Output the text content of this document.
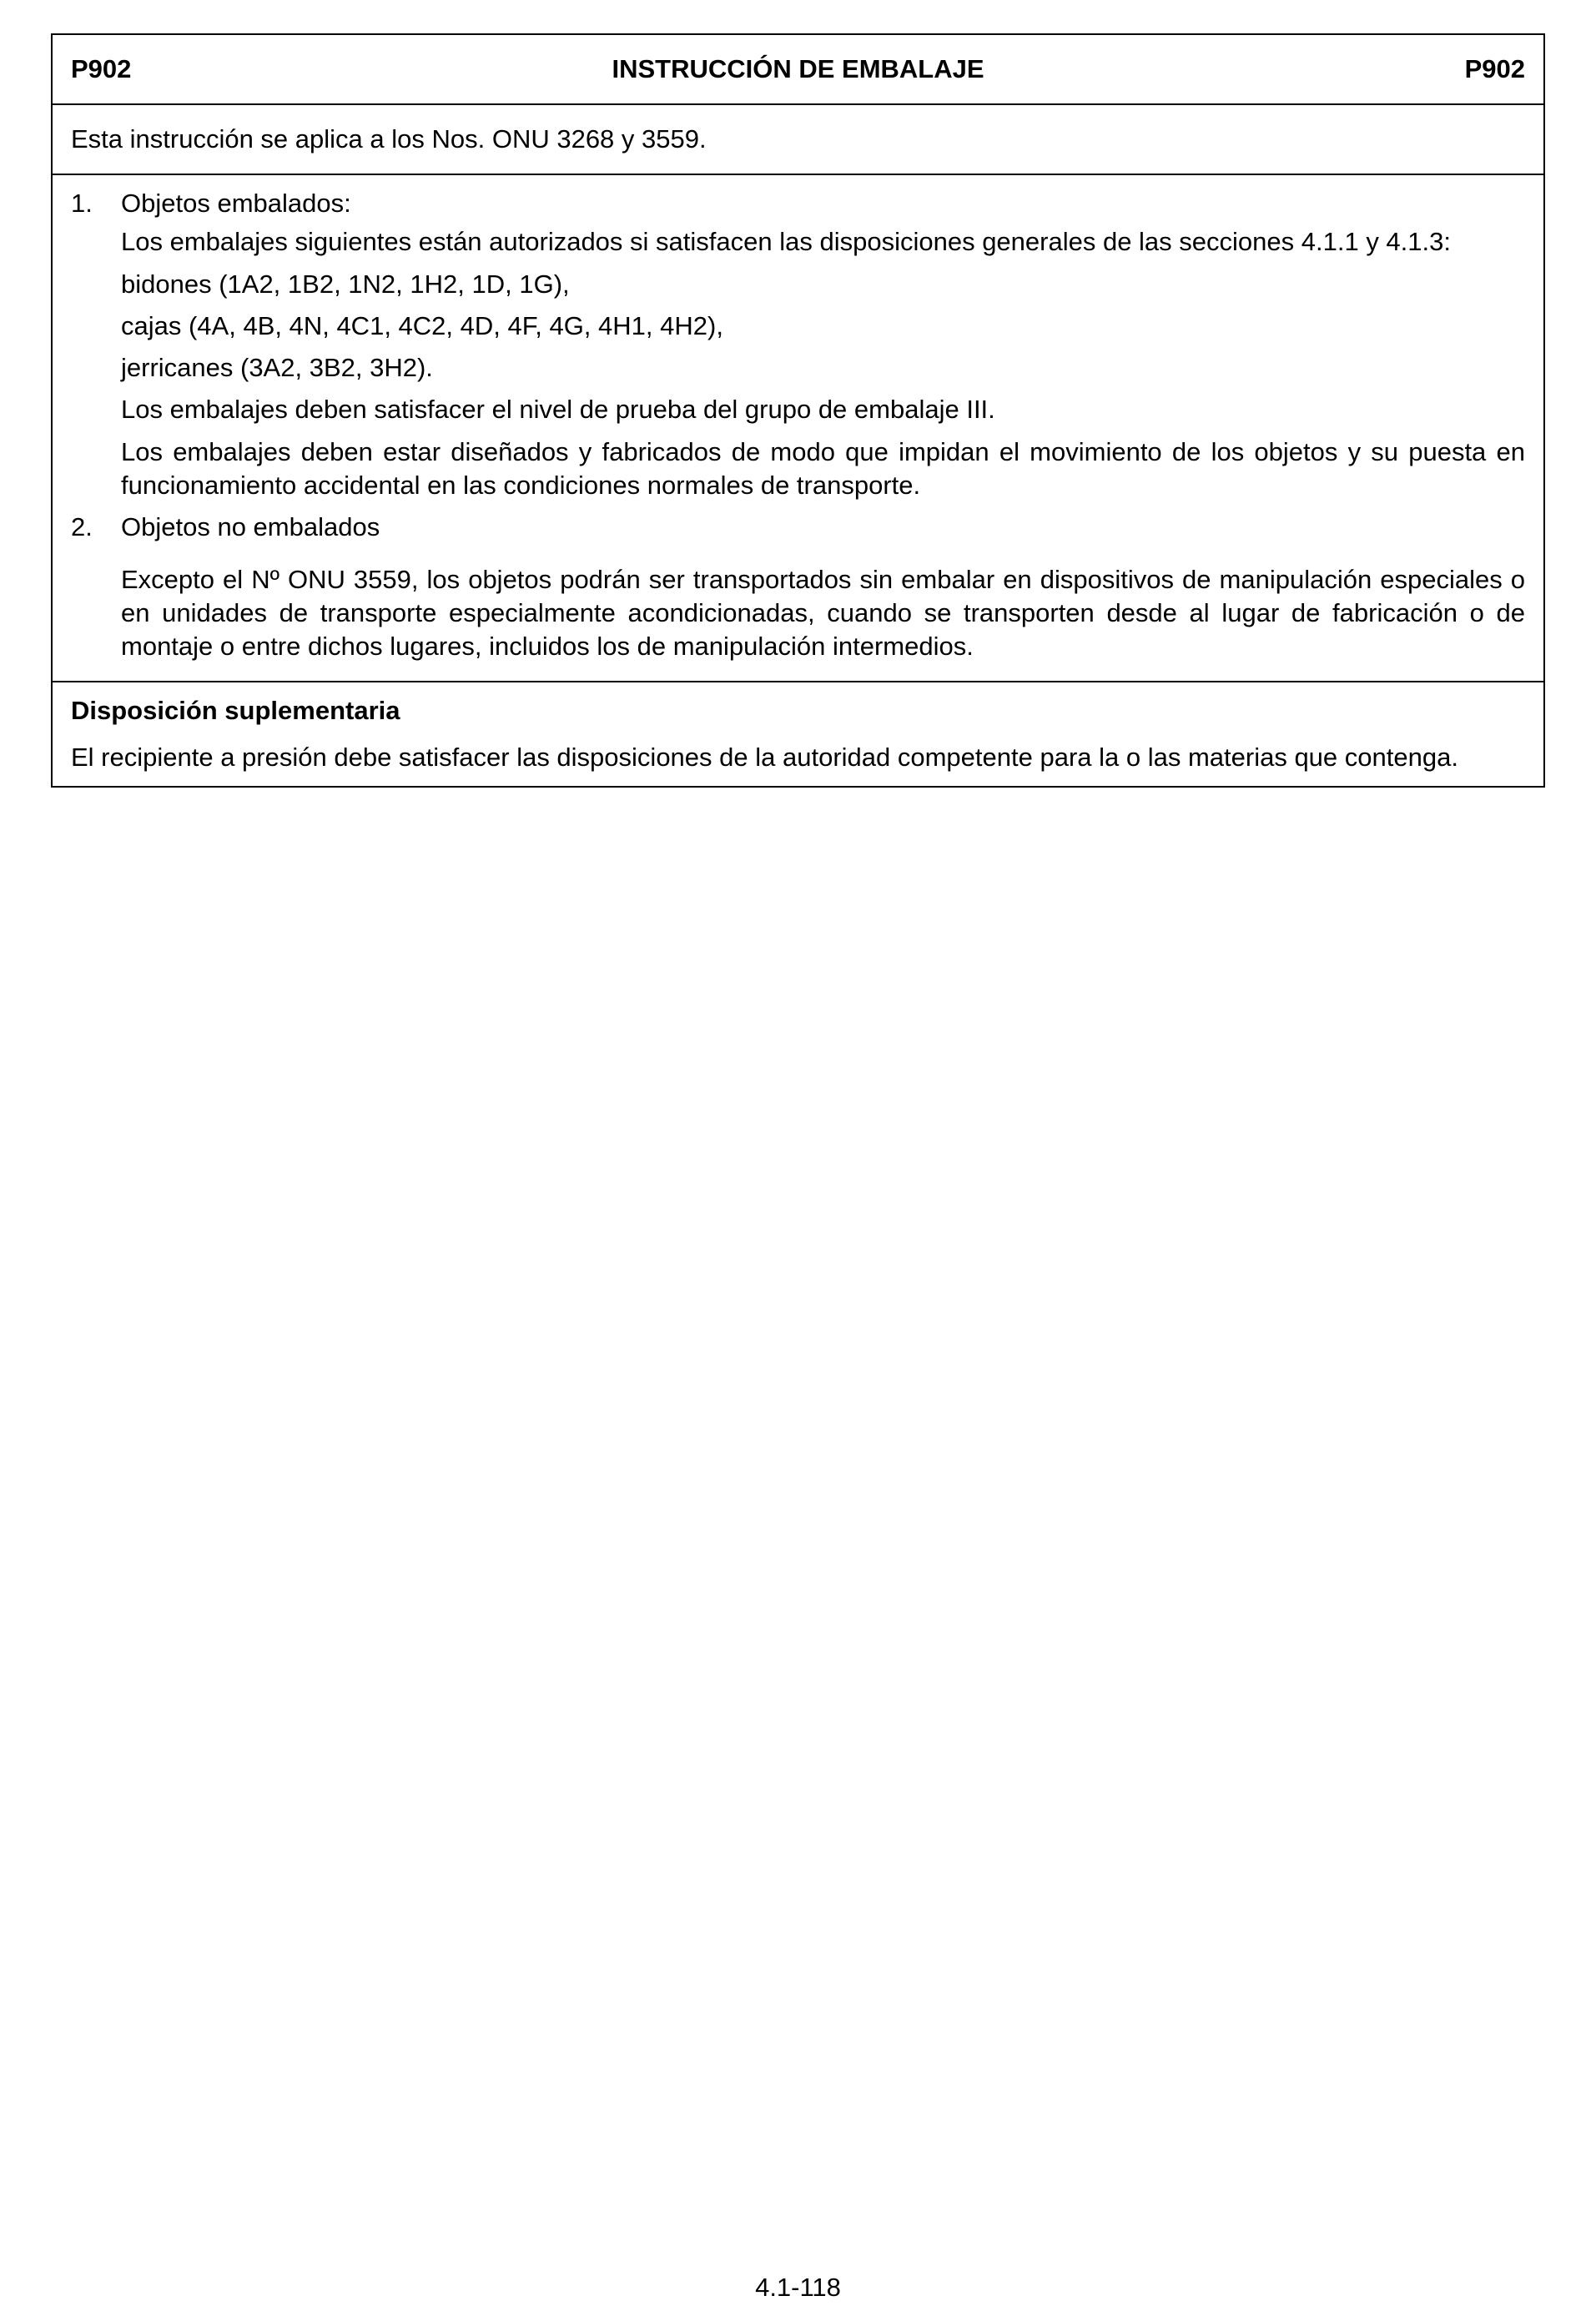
P902	INSTRUCCIÓN DE EMBALAJE	P902
Esta instrucción se aplica a los Nos. ONU 3268 y 3559.
1.	Objetos embalados:
Los embalajes siguientes están autorizados si satisfacen las disposiciones generales de las secciones 4.1.1 y 4.1.3:
bidones (1A2, 1B2, 1N2, 1H2, 1D, 1G),
cajas (4A, 4B, 4N, 4C1, 4C2, 4D, 4F, 4G, 4H1, 4H2),
jerricanes (3A2, 3B2, 3H2).
Los embalajes deben satisfacer el nivel de prueba del grupo de embalaje III.
Los embalajes deben estar diseñados y fabricados de modo que impidan el movimiento de los objetos y su puesta en funcionamiento accidental en las condiciones normales de transporte.
2.	Objetos no embalados
Excepto el Nº ONU 3559, los objetos podrán ser transportados sin embalar en dispositivos de manipulación especiales o en unidades de transporte especialmente acondicionadas, cuando se transporten desde al lugar de fabricación o de montaje o entre dichos lugares, incluidos los de manipulación intermedios.
Disposición suplementaria
El recipiente a presión debe satisfacer las disposiciones de la autoridad competente para la o las materias que contenga.
4.1-118
